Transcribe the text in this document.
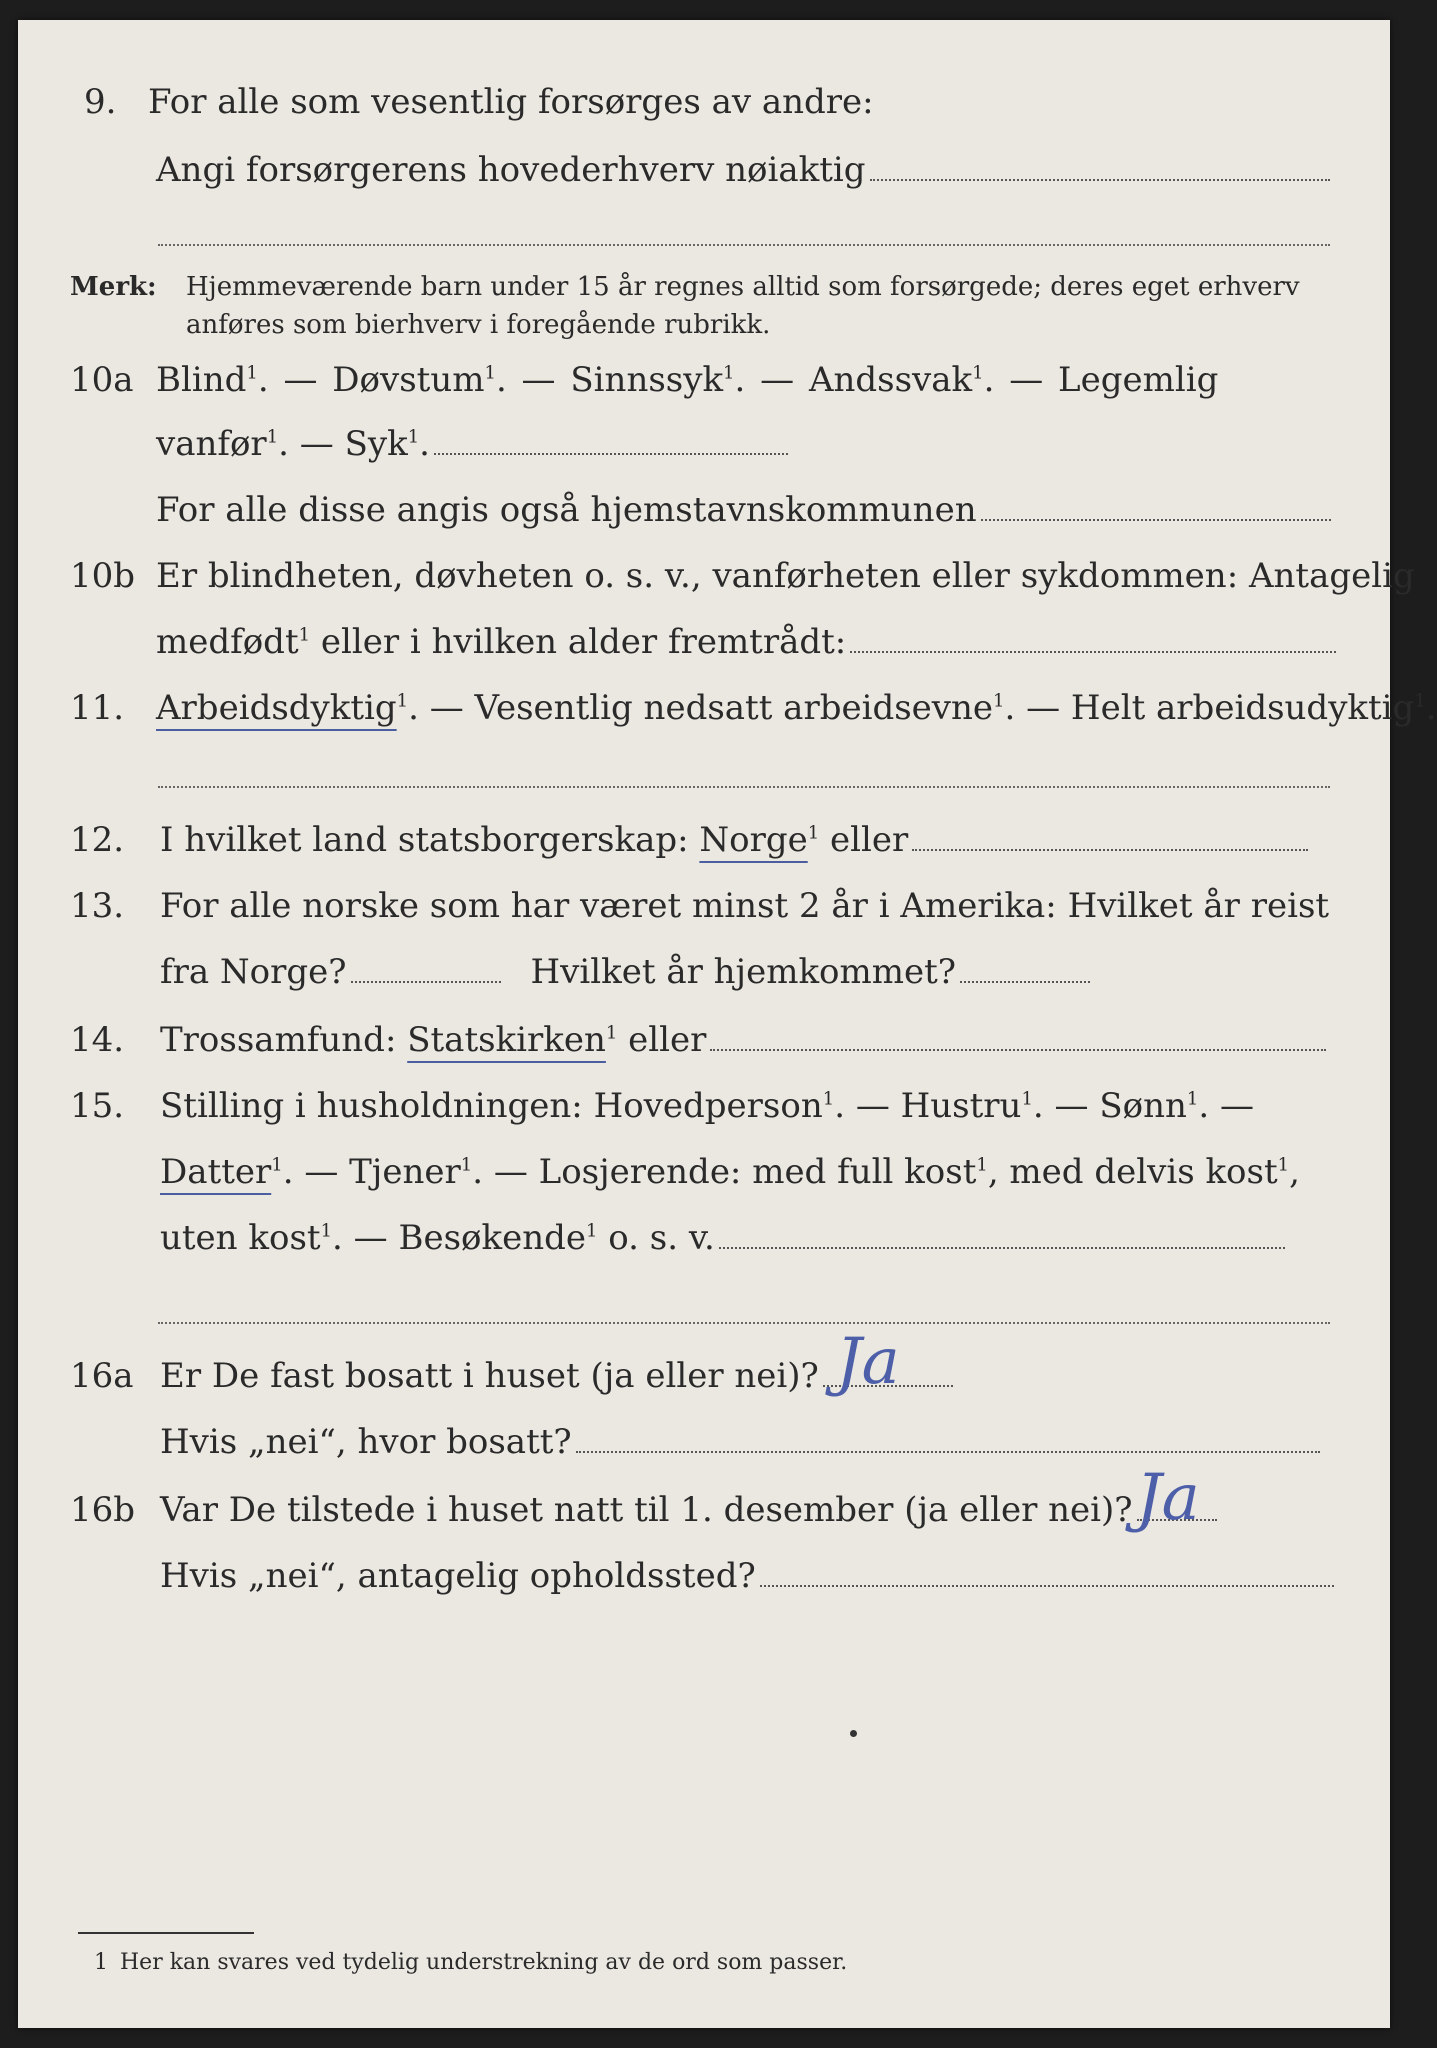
9. For alle som vesentlig forsørges av andre:
Angi forsørgerens hovederhverv nøiaktig
Merk: Hjemmeværende barn under 15 år regnes alltid som forsørgede; deres eget erhverv
anføres som bierhverv i foregående rubrikk.
10a Blind$^1$. — Døvstum$^1$. — Sinnssyk$^1$. — Andssvak$^1$. — Legemlig
vanfør$^1$. — Syk$^1$.
For alle disse angis også hjemstavnskommunen
10b Er blindheten, døvheten o. s. v., vanførheten eller sykdommen: Antagelig
medfødt$^1$ eller i hvilken alder fremtrådt:
11. Arbeidsdyktig$^1$. — Vesentlig nedsatt arbeidsevne$^1$. — Helt arbeidsudyktig$^1$.
12. I hvilket land statsborgerskap: Norge$^1$ eller
13. For alle norske som har været minst 2 år i Amerika: Hvilket år reist
fra Norge?	Hvilket år hjemkommet?
14. Trossamfund: Statskirken$^1$ eller
15. Stilling i husholdningen: Hovedperson$^1$. — Hustru$^1$. — Sønn$^1$. —
Datter$^1$. — Tjener$^1$. — Losjerende: med full kost$^1$, med delvis kost$^1$,
uten kost$^1$. — Besøkende$^1$ o. s. v.
16a Er De fast bosatt i huset (ja eller nei)? Ja
Hvis „nei“, hvor bosatt?
16b Var De tilstede i huset natt til 1. desember (ja eller nei)? Ja
Hvis „nei“, antagelig opholdssted?
1 Her kan svares ved tydelig understrekning av de ord som passer.
